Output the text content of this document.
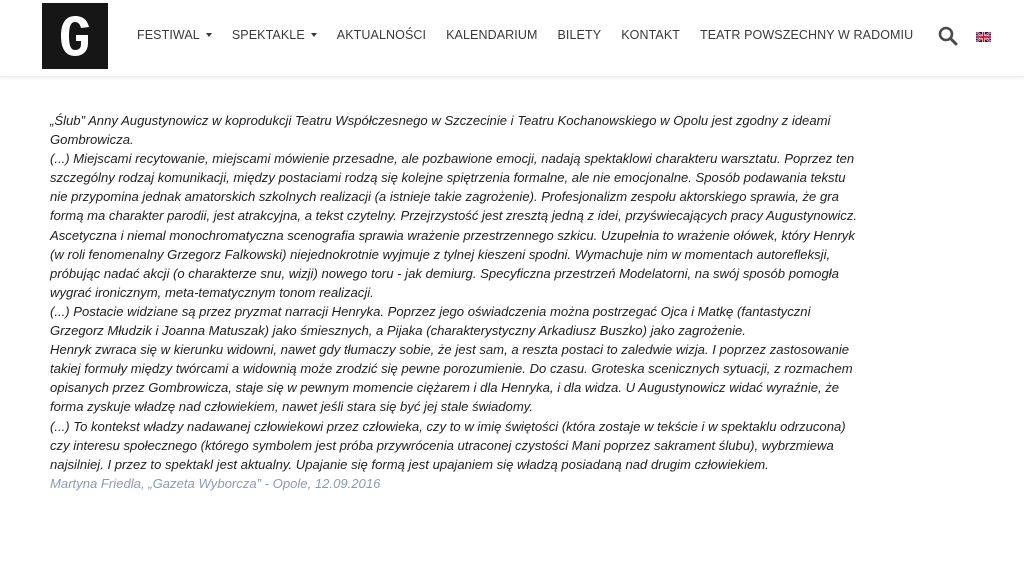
FESTIWAL	SPEKTAKLE	AKTUALNOŚCI KALENDARIUM BILETY KONTAKT TEATR POWSZECHNY W RADOMIU

„Ślub” Anny Augustynowicz w koprodukcji Teatru Współczesnego w Szczecinie i Teatru Kochanowskiego w Opolu jest zgodny z ideami Gombrowicza.

(...) Miejscami recytowanie, miejscami mówienie przesadne, ale pozbawione emocji, nadają spektaklowi charakteru warsztatu. Poprzez ten szczególny rodzaj komunikacji, między postaciami rodzą się kolejne spiętrzenia formalne, ale nie emocjonalne. Sposób podawania tekstu nie przypomina jednak amatorskich szkolnych realizacji (a istnieje takie zagrożenie). Profesjonalizm zespołu aktorskiego sprawia, że gra formą ma charakter parodii, jest atrakcyjna, a tekst czytelny. Przejrzystość jest zresztą jedną z idei, przyświecających pracy Augustynowicz.

Ascetyczna i niemal monochromatyczna scenografia sprawia wrażenie przestrzennego szkicu. Uzupełnia to wrażenie ołówek, który Henryk (w roli fenomenalny Grzegorz Falkowski) niejednokrotnie wyjmuje z tylnej kieszeni spodni. Wymachuje nim w momentach autorefleksji, próbując nadać akcji (o charakterze snu, wizji) nowego toru - jak demiurg. Specyficzna przestrzeń Modelatorni, na swój sposób pomogła wygrać ironicznym, meta-tematycznym tonom realizacji.

(...) Postacie widziane są przez pryzmat narracji Henryka. Poprzez jego oświadczenia można postrzegać Ojca i Matkę (fantastyczni Grzegorz Młudzik i Joanna Matuszak) jako śmiesznych, a Pijaka (charakterystyczny Arkadiusz Buszko) jako zagrożenie.

Henryk zwraca się w kierunku widowni, nawet gdy tłumaczy sobie, że jest sam, a reszta postaci to zaledwie wizja. I poprzez zastosowanie takiej formuły między twórcami a widownią może zrodzić się pewne porozumienie. Do czasu. Groteska scenicznych sytuacji, z rozmachem opisanych przez Gombrowicza, staje się w pewnym momencie ciężarem i dla Henryka, i dla widza. U Augustynowicz widać wyraźnie, że forma zyskuje władzę nad człowiekiem, nawet jeśli stara się być jej stale świadomy.

(...) To kontekst władzy nadawanej człowiekowi przez człowieka, czy to w imię świętości (która zostaje w tekście i w spektaklu odrzucona) czy interesu społecznego (którego symbolem jest próba przywrócenia utraconej czystości Mani poprzez sakrament ślubu), wybrzmiewa najsilniej. I przez to spektakl jest aktualny. Upajanie się formą jest upajaniem się władzą posiadaną nad drugim człowiekiem.

Martyna Friedla, „Gazeta Wyborcza” - Opole, 12.09.2016
